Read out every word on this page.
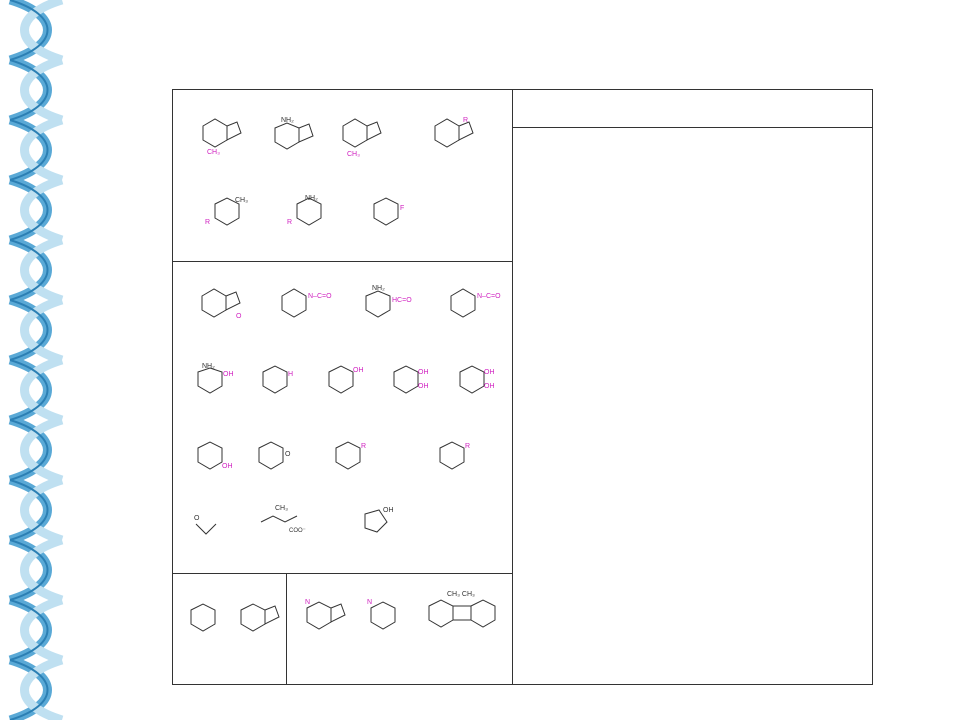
CH₃

NH₂

CH₃

R

CH₃
R
NH₂
R
F
O

N–C=O

NH₂
HC=O

N–C=O

NH₂
OH	H

OH	OH
OH

OH
OH

OH

O

R	R

O

CH₃
COO⁻

OH

N	N

CH₃ CH₃
